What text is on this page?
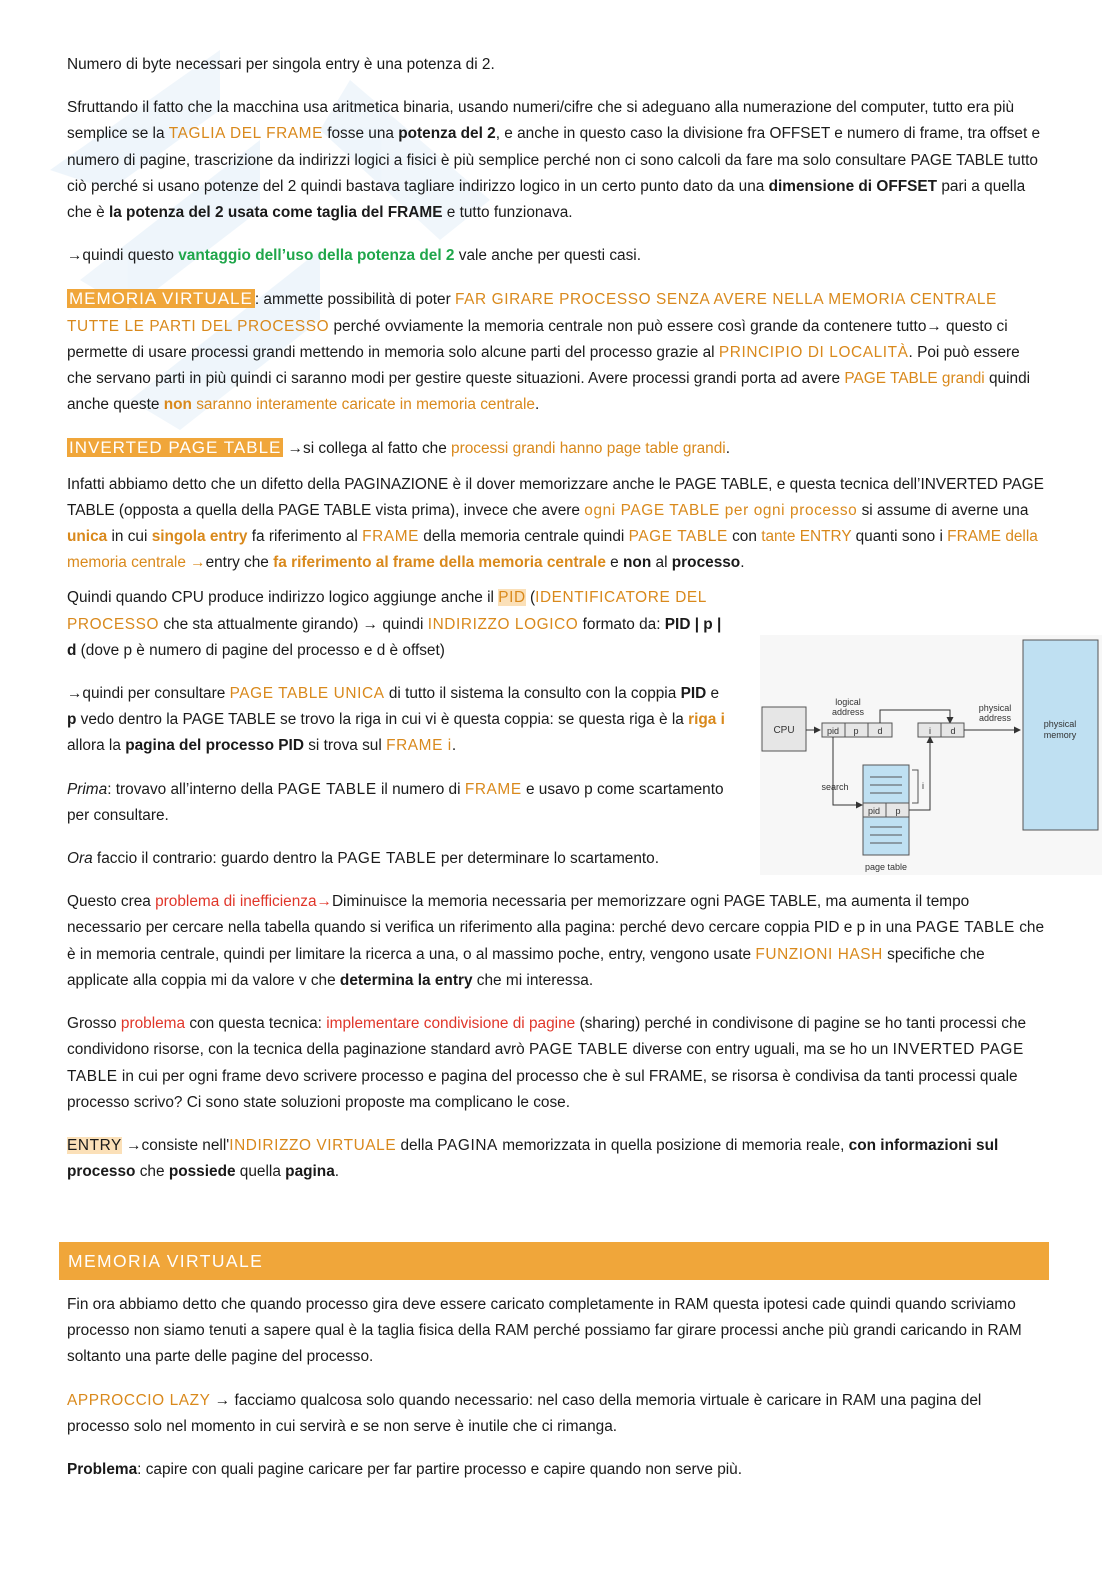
Numero di byte necessari per singola entry è una potenza di 2.

Sfruttando il fatto che la macchina usa aritmetica binaria, usando numeri/cifre che si adeguano alla numerazione del computer, tutto era più semplice se la TAGLIA DEL FRAME fosse una potenza del 2, e anche in questo caso la divisione fra OFFSET e numero di frame, tra offset e numero di pagine, trascrizione da indirizzi logici a fisici è più semplice perché non ci sono calcoli da fare ma solo consultare PAGE TABLE tutto ciò perché si usano potenze del 2 quindi bastava tagliare indirizzo logico in un certo punto dato da una dimensione di OFFSET pari a quella che è la potenza del 2 usata come taglia del FRAME e tutto funzionava.

→quindi questo vantaggio dell’uso della potenza del 2 vale anche per questi casi.

MEMORIA VIRTUALE : ammette possibilità di poter FAR GIRARE PROCESSO SENZA AVERE NELLA MEMORIA CENTRALE TUTTE LE PARTI DEL PROCESSO perché ovviamente la memoria centrale non può essere così grande da contenere tutto→ questo ci permette di usare processi grandi mettendo in memoria solo alcune parti del processo grazie al PRINCIPIO DI LOCALITÀ. Poi può essere che servano parti in più quindi ci saranno modi per gestire queste situazioni. Avere processi grandi porta ad avere PAGE TABLE grandi quindi anche queste non saranno interamente caricate in memoria centrale.

INVERTED PAGE TABLE →si collega al fatto che processi grandi hanno page table grandi.

Infatti abbiamo detto che un difetto della PAGINAZIONE è il dover memorizzare anche le PAGE TABLE, e questa tecnica dell’INVERTED PAGE TABLE (opposta a quella della PAGE TABLE vista prima), invece che avere ogni PAGE TABLE per ogni processo si assume di averne una unica in cui singola entry fa riferimento al FRAME della memoria centrale quindi PAGE TABLE con tante ENTRY quanti sono i FRAME della memoria centrale →entry che fa riferimento al frame della memoria centrale e non al processo.

Quindi quando CPU produce indirizzo logico aggiunge anche il PID (IDENTIFICATORE DEL PROCESSO che sta attualmente girando) → quindi INDIRIZZO LOGICO formato da: PID | p | d (dove p è numero di pagine del processo e d è offset)

→quindi per consultare PAGE TABLE UNICA di tutto il sistema la consulto con la coppia PID e p vedo dentro la PAGE TABLE se trovo la riga in cui vi è questa coppia: se questa riga è la riga i allora la pagina del processo PID si trova sul FRAME i.

Prima: trovavo all’interno della PAGE TABLE il numero di FRAME e usavo p come scartamento per consultare.

Ora faccio il contrario: guardo dentro la PAGE TABLE per determinare lo scartamento.

Questo crea problema di inefficienza→Diminuisce la memoria necessaria per memorizzare ogni PAGE TABLE, ma aumenta il tempo necessario per cercare nella tabella quando si verifica un riferimento alla pagina: perché devo cercare coppia PID e p in una PAGE TABLE che è in memoria centrale, quindi per limitare la ricerca a una, o al massimo poche, entry, vengono usate FUNZIONI HASH specifiche che applicate alla coppia mi da valore v che determina la entry che mi interessa.

Grosso problema con questa tecnica: implementare condivisione di pagine (sharing) perché in condivisone di pagine se ho tanti processi che condividono risorse, con la tecnica della paginazione standard avrò PAGE TABLE diverse con entry uguali, ma se ho un INVERTED PAGE TABLE in cui per ogni frame devo scrivere processo e pagina del processo che è sul FRAME, se risorsa è condivisa da tanti processi quale processo scrivo? Ci sono state soluzioni proposte ma complicano le cose.

ENTRY →consiste nell'INDIRIZZO VIRTUALE della PAGINA memorizzata in quella posizione di memoria reale, con informazioni sul processo che possiede quella pagina.

MEMORIA VIRTUALE

Fin ora abbiamo detto che quando processo gira deve essere caricato completamente in RAM questa ipotesi cade quindi quando scriviamo processo non siamo tenuti a sapere qual è la taglia fisica della RAM perché possiamo far girare processi anche più grandi caricando in RAM soltanto una parte delle pagine del processo.

APPROCCIO LAZY → facciamo qualcosa solo quando necessario: nel caso della memoria virtuale è caricare in RAM una pagina del processo solo nel momento in cui servirà e se non serve è inutile che ci rimanga.

Problema: capire con quali pagine caricare per far partire processo e capire quando non serve più.

CPU
logical
address
pid p d	i d
physical
address
physical
memory
search
pid p
page table
i
